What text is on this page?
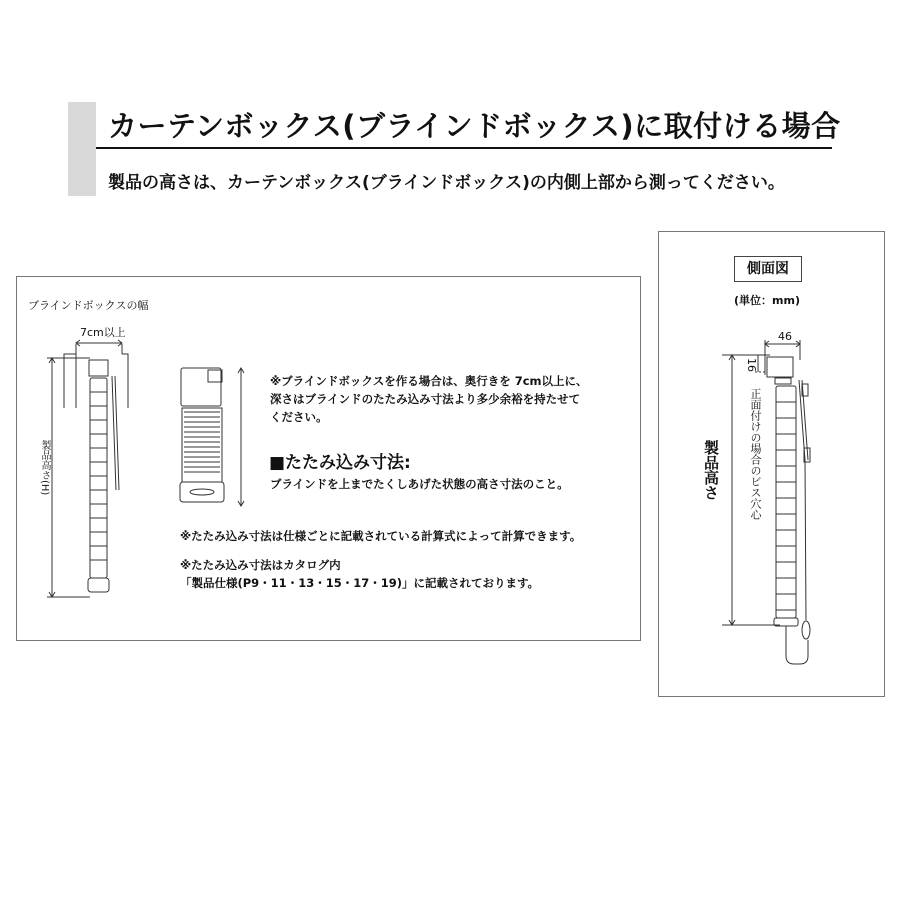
カーテンボックス(ブラインドボックス)に取付ける場合
製品の高さは、カーテンボックス(ブラインドボックス)の内側上部から測ってください。
ブラインドボックスの幅
7cm以上
製品高さ(H)
※ブラインドボックスを作る場合は、奥行きを 7cm以上に、
深さはブラインドのたたみ込み寸法より多少余裕を持たせて
ください。
■たたみ込み寸法:
ブラインドを上までたくしあげた状態の高さ寸法のこと。
※たたみ込み寸法は仕様ごとに記載されている計算式によって計算できます。
※たたみ込み寸法はカタログ内
「製品仕様(P9・11・13・15・17・19)」に記載されております。
側面図
(単位：mm)
46
16
製品高さ	正面付けの場合のビス穴心
